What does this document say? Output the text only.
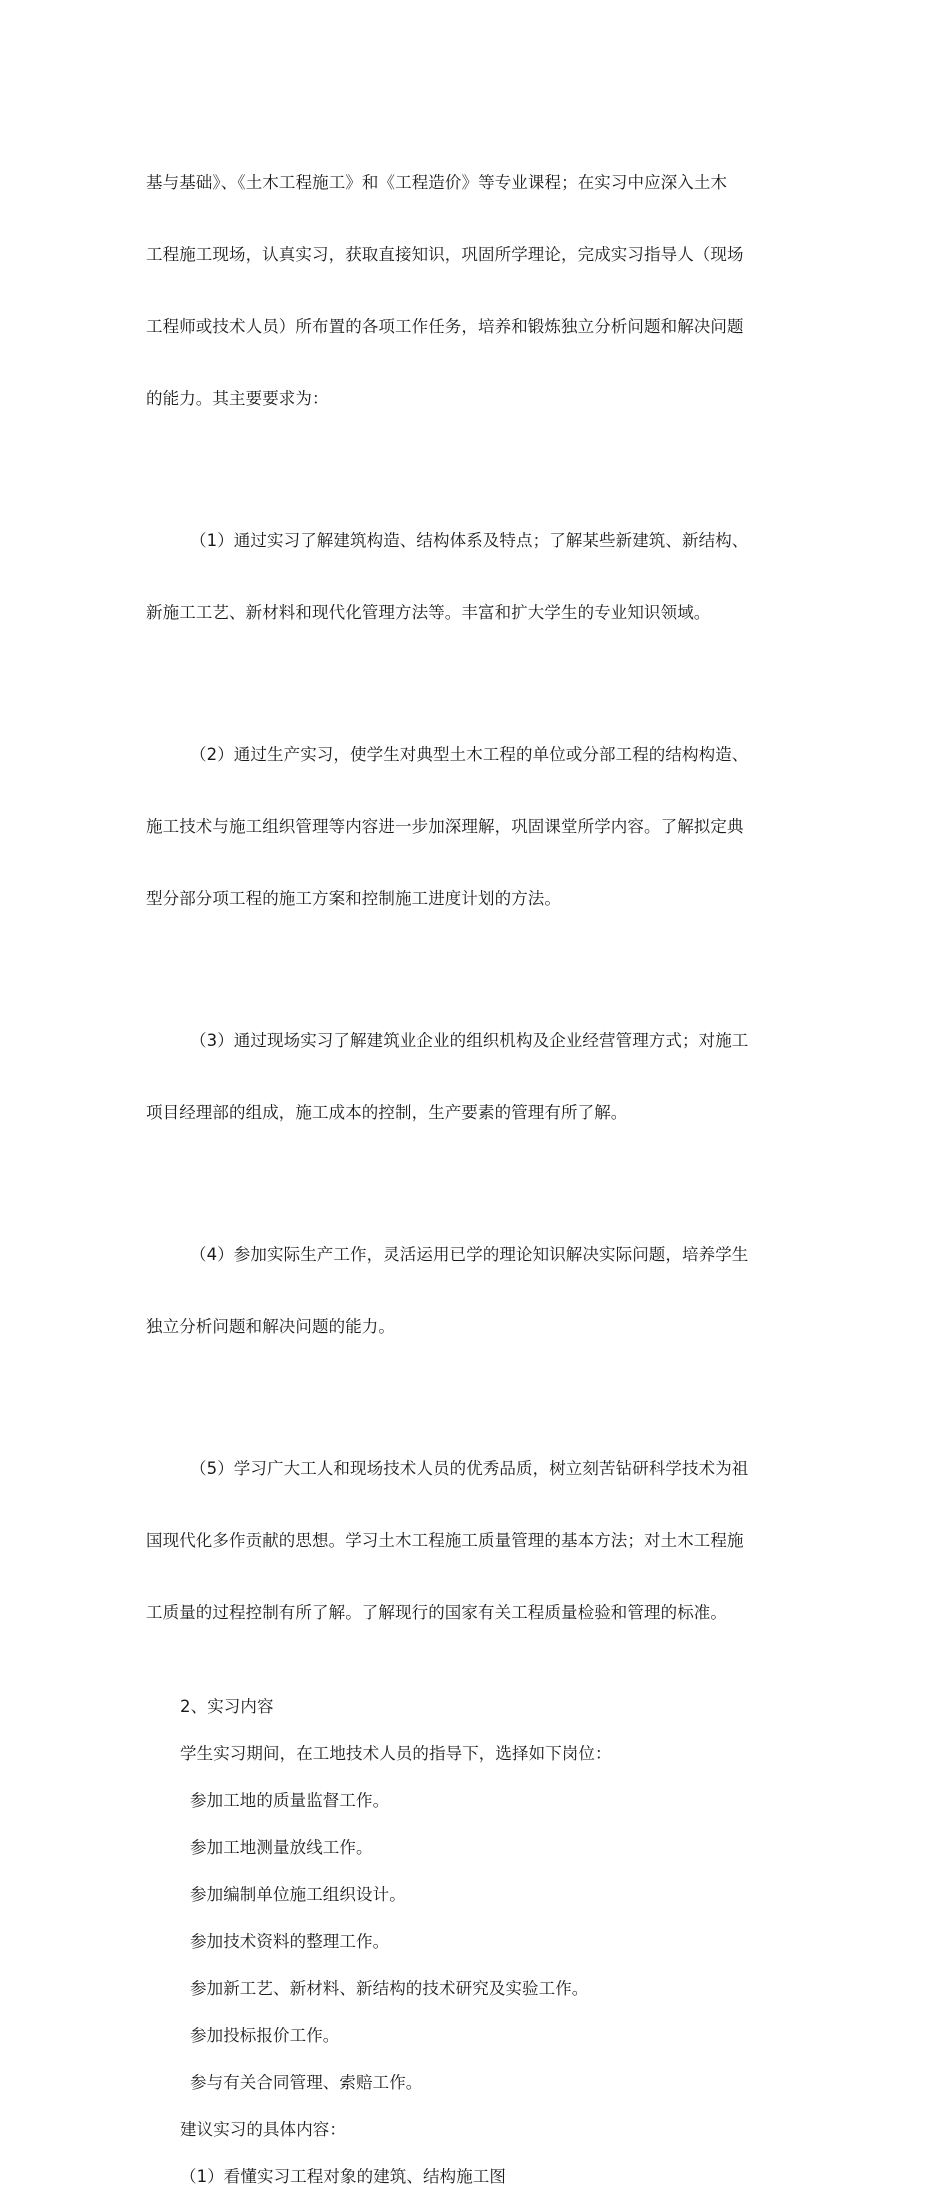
基与基础》、《土木工程施工》和《工程造价》等专业课程；在实习中应深入土木

工程施工现场，认真实习，获取直接知识，巩固所学理论，完成实习指导人（现场

工程师或技术人员）所布置的各项工作任务，培养和锻炼独立分析问题和解决问题

的能力。其主要要求为：

（1）通过实习了解建筑构造、结构体系及特点；了解某些新建筑、新结构、

新施工工艺、新材料和现代化管理方法等。丰富和扩大学生的专业知识领域。

（2）通过生产实习，使学生对典型土木工程的单位或分部工程的结构构造、

施工技术与施工组织管理等内容进一步加深理解，巩固课堂所学内容。了解拟定典

型分部分项工程的施工方案和控制施工进度计划的方法。

（3）通过现场实习了解建筑业企业的组织机构及企业经营管理方式；对施工

项目经理部的组成，施工成本的控制，生产要素的管理有所了解。

（4）参加实际生产工作，灵活运用已学的理论知识解决实际问题，培养学生

独立分析问题和解决问题的能力。

（5）学习广大工人和现场技术人员的优秀品质，树立刻苦钻研科学技术为祖

国现代化多作贡献的思想。学习土木工程施工质量管理的基本方法；对土木工程施

工质量的过程控制有所了解。了解现行的国家有关工程质量检验和管理的标准。

2、实习内容

学生实习期间，在工地技术人员的指导下，选择如下岗位：

参加工地的质量监督工作。

参加工地测量放线工作。

参加编制单位施工组织设计。

参加技术资料的整理工作。

参加新工艺、新材料、新结构的技术研究及实验工作。

参加投标报价工作。

参与有关合同管理、索赔工作。

建议实习的具体内容：

（1）看懂实习工程对象的建筑、结构施工图
